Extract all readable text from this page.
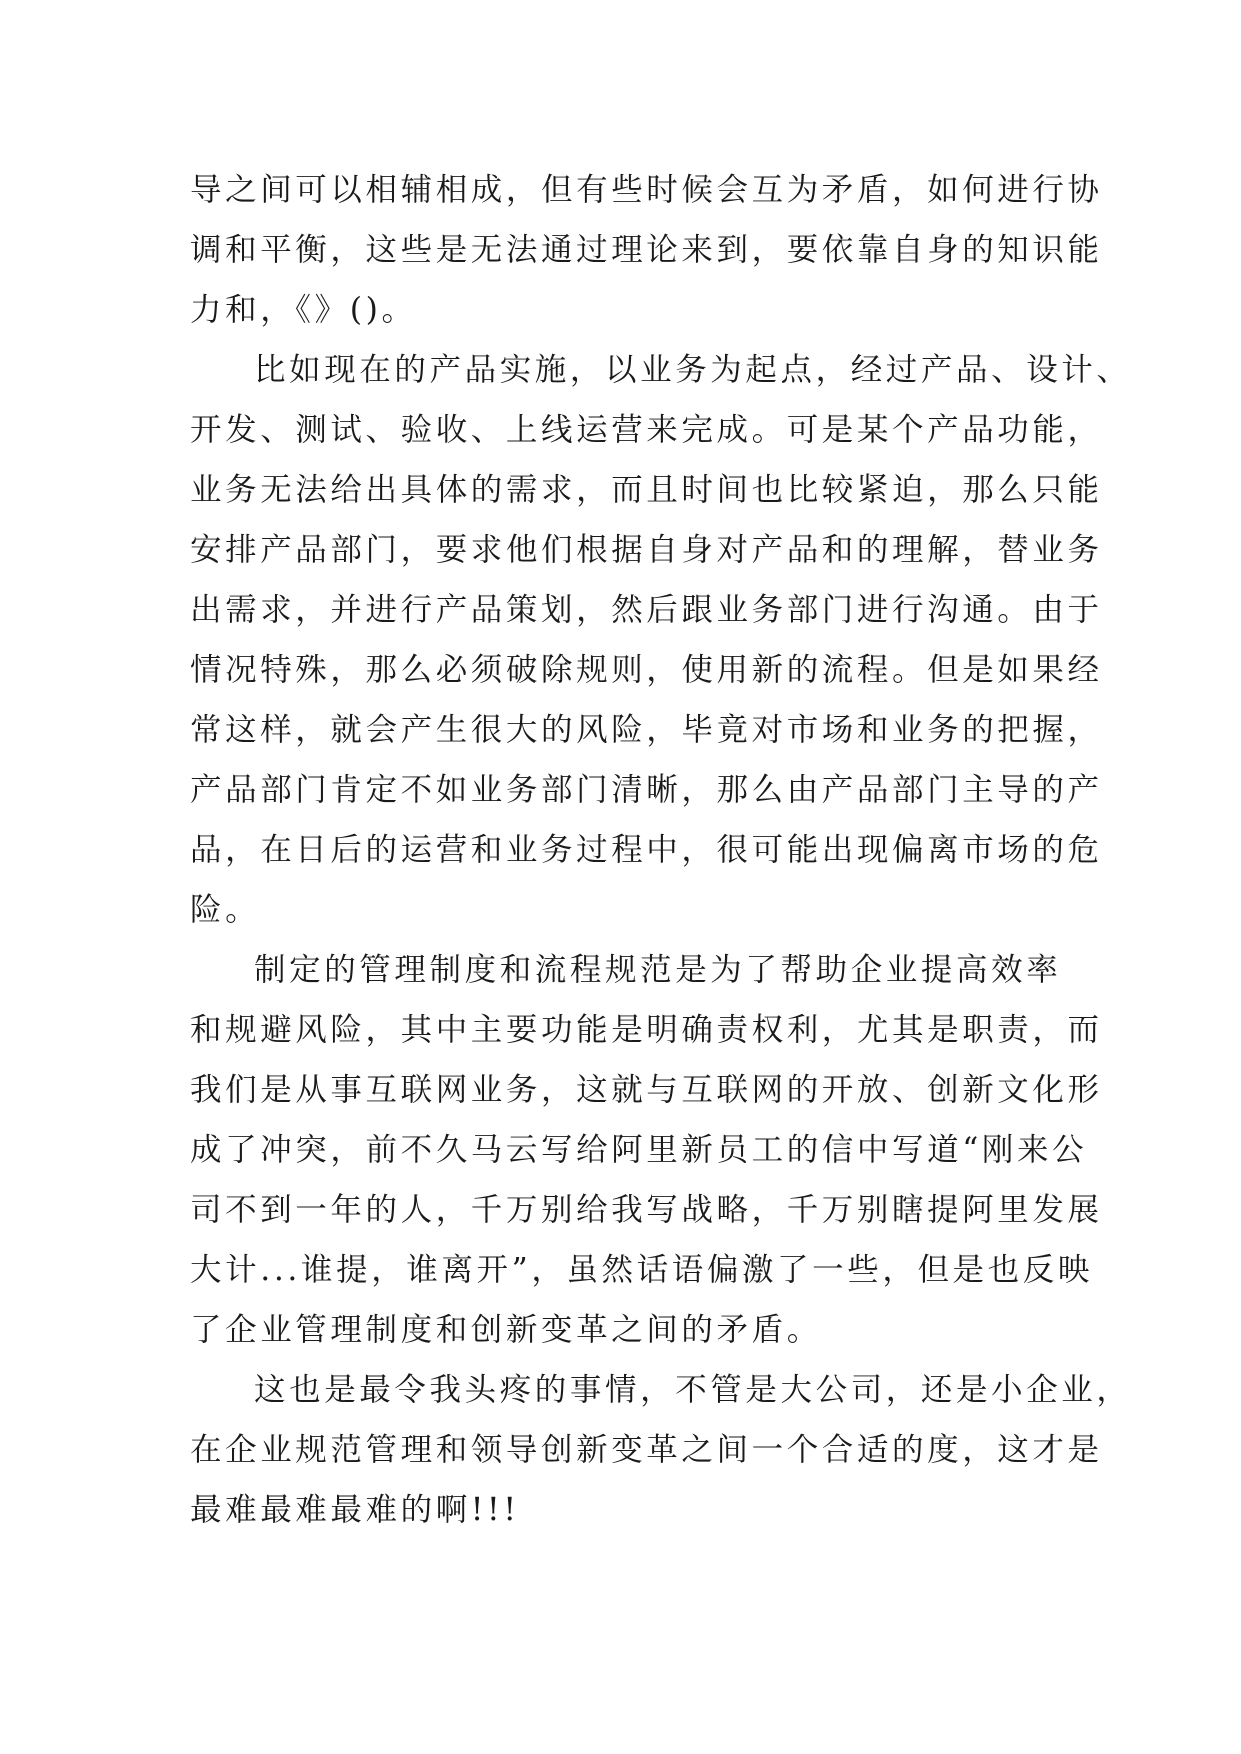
导之间可以相辅相成，但有些时候会互为矛盾，如何进行协
调和平衡，这些是无法通过理论来到，要依靠自身的知识能
力和，《》()。
比如现在的产品实施，以业务为起点，经过产品、设计、
开发、测试、验收、上线运营来完成。可是某个产品功能，
业务无法给出具体的需求，而且时间也比较紧迫，那么只能
安排产品部门，要求他们根据自身对产品和的理解，替业务
出需求，并进行产品策划，然后跟业务部门进行沟通。由于
情况特殊，那么必须破除规则，使用新的流程。但是如果经
常这样，就会产生很大的风险，毕竟对市场和业务的把握，
产品部门肯定不如业务部门清晰，那么由产品部门主导的产
品，在日后的运营和业务过程中，很可能出现偏离市场的危
险。
制定的管理制度和流程规范是为了帮助企业提高效率
和规避风险，其中主要功能是明确责权利，尤其是职责，而
我们是从事互联网业务，这就与互联网的开放、创新文化形
成了冲突，前不久马云写给阿里新员工的信中写道“刚来公
司不到一年的人，千万别给我写战略，千万别瞎提阿里发展
大计...谁提，谁离开”，虽然话语偏激了一些，但是也反映
了企业管理制度和创新变革之间的矛盾。
这也是最令我头疼的事情，不管是大公司，还是小企业，
在企业规范管理和领导创新变革之间一个合适的度，这才是
最难最难最难的啊!!!
